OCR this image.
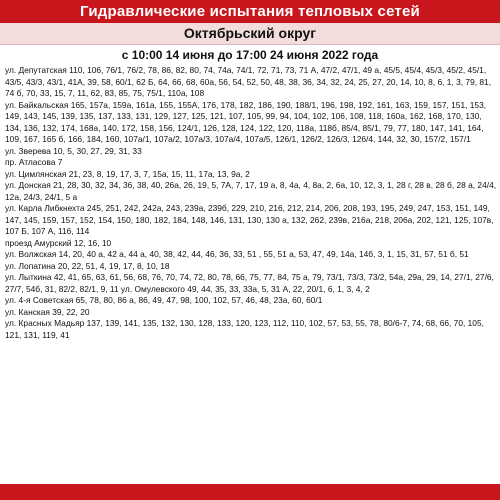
Гидравлические испытания тепловых сетей
Октябрьский округ
с 10:00 14 июня до 17:00 24 июня 2022 года

ул. Депутатская 110, 106, 76/1, 76/2, 78, 86, 82, 80, 74, 74а, 74/1, 72, 71, 73, 71 А, 47/2, 47/1, 49 а, 45/5, 45/4, 45/3, 45/2, 45/1, 43/5, 43/3, 43/1, 41А, 39, 58, 60/1, 62 Б, 64, 66, 68, 60а, 56, 54, 52, 50, 48, 38, 36, 34, 32, 24, 25, 27, 20, 14, 10, 8, 6, 1, 3, 79, 81, 74 б, 70, 33, 15, 7, 11, 62, 83, 85, 75, 75/1, 110а, 108

ул. Байкальская 165, 157а, 159а, 161а, 155, 155А, 176, 178, 182, 186, 190, 188/1, 196, 198, 192, 161, 163, 159, 157, 151, 153, 149, 143, 145, 139, 135, 137, 133, 131, 129, 127, 125, 121, 107, 105, 99, 94, 104, 102, 106, 108, 118, 160а, 162, 168, 170, 130, 134, 136, 132, 174, 168а, 140, 172, 158, 156, 124/1, 126, 128, 124, 122, 120, 118а, 118б, 85/4, 85/1, 79, 77, 180, 147, 141, 164, 109, 167, 165 б, 166, 184, 160, 107а/1, 107а/2, 107а/3, 107а/4, 107а/5, 126/1, 126/2, 126/3, 126/4, 144, 32, 30, 157/2, 157/1

ул. Зверева 10, 5, 30, 27, 29, 31, 33

пр. Атласова 7

ул. Цимлянская 21, 23, 8, 19, 17, 3, 7, 15а, 15, 11, 17а, 13, 9а, 2

ул. Донская 21, 28, 30, 32, 34, 36, 38, 40, 26а, 26, 19, 5, 7А, 7, 17, 19 а, 8, 4а, 4, 8а, 2, 6а, 10, 12, 3, 1, 28 г, 28 в, 28 б, 28 а, 24/4, 12а, 24/3, 24/1, 5 а

ул. Карла Либкнехта 245, 251, 242, 242а, 243, 239а, 239б, 229, 210, 216, 212, 214, 206, 208, 193, 195, 249, 247, 153, 151, 149, 147, 145, 159, 157, 152, 154, 150, 180, 182, 184, 148, 146, 131, 130, 130 а, 132, 262, 239в, 216а, 218, 206а, 202, 121, 125, 107в, 107 Б, 107 А, 116, 114

проезд Амурский 12, 16, 10

ул. Волжская 14, 20, 40 а, 42 а, 44 а, 40, 38, 42, 44, 46, 36, 33, 51 , 55, 51 а, 53, 47, 49, 14а, 14б, 3, 1, 15, 31, 57, 51 б, 51

ул. Лопатина 20, 22, 51, 4, 19, 17, 8, 10, 18

ул. Лыткина 42, 41, 65, 63, 61, 56, 68, 76, 70, 74, 72, 80, 78, 66, 75, 77, 84, 75 а, 79, 73/1, 73/3, 73/2, 54а, 29а, 29, 14, 27/1, 27/6, 27/7, 54б, 31, 82/2, 82/1, 9, 11 ул. Омулевского 49, 44, 35, 33, 33а, 5, 31 А, 22, 20/1, 6, 1, 3, 4, 2

ул. 4-я Советская 65, 78, 80, 86 а, 86, 49, 47, 98, 100, 102, 57, 46, 48, 23а, 60, 60/1

ул. Канская 39, 22, 20

ул. Красных Мадьяр 137, 139, 141, 135, 132, 130, 128, 133, 120, 123, 112, 110, 102, 57, 53, 55, 78, 80/6-7, 74, 68, 66, 70, 105, 121, 131, 119, 41
